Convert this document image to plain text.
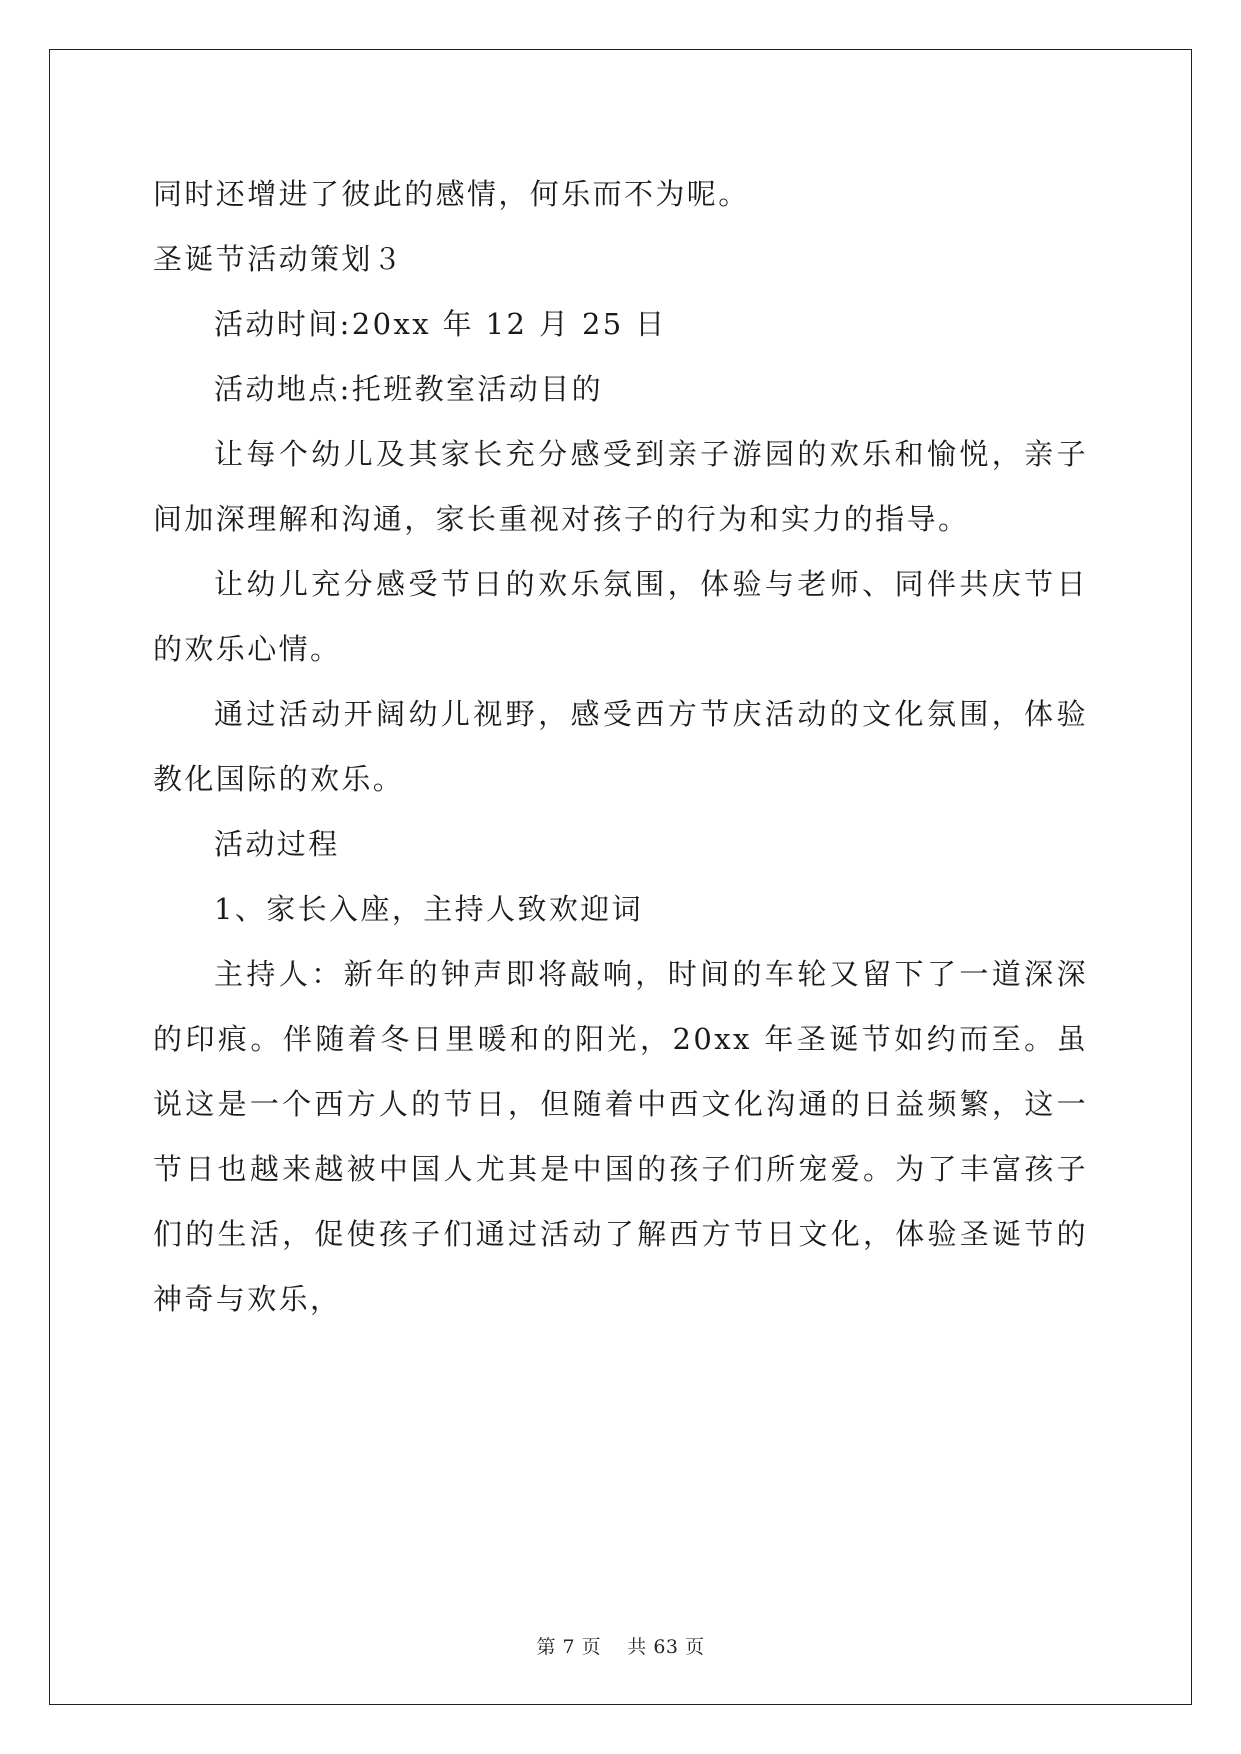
同时还增进了彼此的感情，何乐而不为呢。

圣诞节活动策划３

活动时间:20xx 年 12 月 25 日

活动地点:托班教室活动目的

让每个幼儿及其家长充分感受到亲子游园的欢乐和愉悦，亲子间加深理解和沟通，家长重视对孩子的行为和实力的指导。

让幼儿充分感受节日的欢乐氛围，体验与老师、同伴共庆节日的欢乐心情。

通过活动开阔幼儿视野，感受西方节庆活动的文化氛围，体验教化国际的欢乐。

活动过程

1、家长入座，主持人致欢迎词

主持人：新年的钟声即将敲响，时间的车轮又留下了一道深深的印痕。伴随着冬日里暖和的阳光，20xx 年圣诞节如约而至。虽说这是一个西方人的节日，但随着中西文化沟通的日益频繁，这一节日也越来越被中国人尤其是中国的孩子们所宠爱。为了丰富孩子们的生活，促使孩子们通过活动了解西方节日文化，体验圣诞节的神奇与欢乐，

第 7 页 共 63 页
